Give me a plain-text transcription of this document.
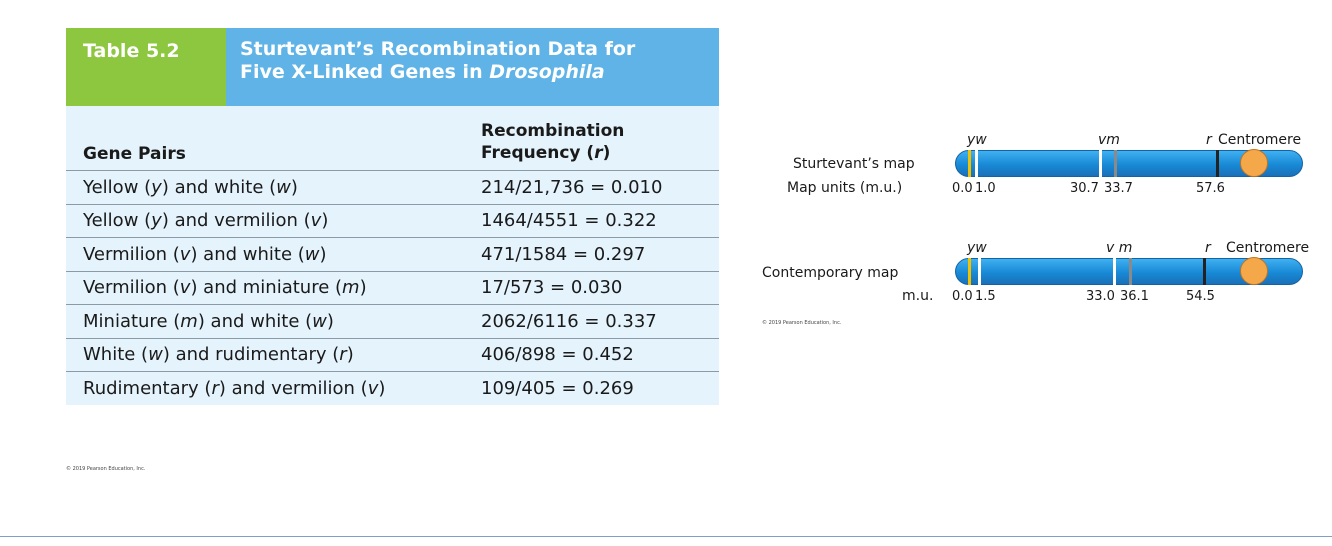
Table 5.2	Sturtevant’s Recombination Data for
Five X-Linked Genes in Drosophila
Gene Pairs
Recombination
Frequency (r)
Yellow (y) and white (w)	214/21,736 = 0.010
Yellow (y) and vermilion (v)	1464/4551 = 0.322
Vermilion (v) and white (w)	471/1584 = 0.297
Vermilion (v) and miniature (m)	17/573 = 0.030
Miniature (m) and white (w)	2062/6116 = 0.337
White (w) and rudimentary (r)	406/898 = 0.452
Rudimentary (r) and vermilion (v)	109/405 = 0.269
© 2019 Pearson Education, Inc.
yw	vm	r Centromere
Sturtevant’s map
Map units (m.u.)	0.0 1.0	30.7 33.7	57.6
yw	v m	r Centromere
Contemporary map
m.u. 0.0 1.5	33.0 36.1	54.5
© 2019 Pearson Education, Inc.
